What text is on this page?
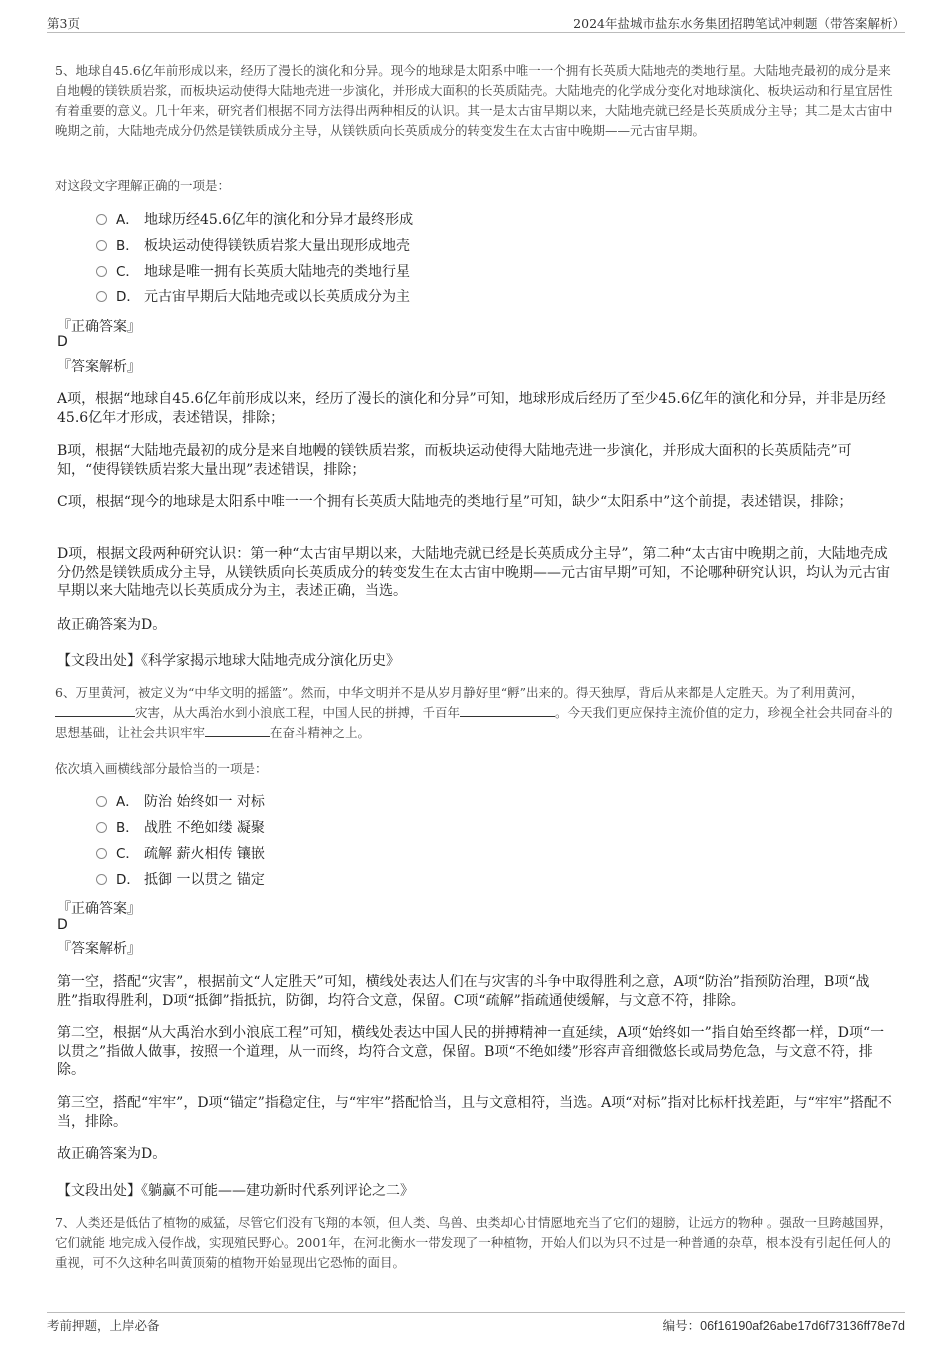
第3页	2024年盐城市盐东水务集团招聘笔试冲刺题（带答案解析）
5、地球自45.6亿年前形成以来，经历了漫长的演化和分异。现今的地球是太阳系中唯一一个拥有长英质大陆地壳的类地行星。大陆地壳最初的成分是来自地幔的镁铁质岩浆，而板块运动使得大陆地壳进一步演化，并形成大面积的长英质陆壳。大陆地壳的化学成分变化对地球演化、板块运动和行星宜居性有着重要的意义。几十年来，研究者们根据不同方法得出两种相反的认识。其一是太古宙早期以来，大陆地壳就已经是长英质成分主导；其二是太古宙中晚期之前，大陆地壳成分仍然是镁铁质成分主导，从镁铁质向长英质成分的转变发生在太古宙中晚期——元古宙早期。
对这段文字理解正确的一项是：
A． 地球历经45.6亿年的演化和分异才最终形成
B． 板块运动使得镁铁质岩浆大量出现形成地壳
C． 地球是唯一拥有长英质大陆地壳的类地行星
D． 元古宙早期后大陆地壳或以长英质成分为主
『正确答案』
D
『答案解析』
A项，根据“地球自45.6亿年前形成以来，经历了漫长的演化和分异”可知，地球形成后经历了至少45.6亿年的演化和分异，并非是历经45.6亿年才形成，表述错误，排除；
B项，根据“大陆地壳最初的成分是来自地幔的镁铁质岩浆，而板块运动使得大陆地壳进一步演化，并形成大面积的长英质陆壳”可知，“使得镁铁质岩浆大量出现”表述错误，排除；
C项，根据“现今的地球是太阳系中唯一一个拥有长英质大陆地壳的类地行星”可知，缺少“太阳系中”这个前提，表述错误，排除；
D项，根据文段两种研究认识：第一种“太古宙早期以来，大陆地壳就已经是长英质成分主导”，第二种“太古宙中晚期之前，大陆地壳成分仍然是镁铁质成分主导，从镁铁质向长英质成分的转变发生在太古宙中晚期——元古宙早期”可知，不论哪种研究认识，均认为元古宙早期以来大陆地壳以长英质成分为主，表述正确，当选。
故正确答案为D。
【文段出处】《科学家揭示地球大陆地壳成分演化历史》
6、万里黄河，被定义为“中华文明的摇篮”。然而，中华文明并不是从岁月静好里“孵”出来的。得天独厚，背后从来都是人定胜天。为了利用黄河，灾害，从大禹治水到小浪底工程，中国人民的拼搏，千百年	。今天我们更应保持主流价值的定力，珍视全社会共同奋斗的思想基础，让社会共识牢牢	在奋斗精神之上。
依次填入画横线部分最恰当的一项是：
A． 防治 始终如一 对标
B． 战胜 不绝如缕 凝聚
C． 疏解 薪火相传 镶嵌
D． 抵御 一以贯之 锚定
『正确答案』
D
『答案解析』
第一空，搭配“灾害”，根据前文“人定胜天”可知，横线处表达人们在与灾害的斗争中取得胜利之意，A项“防治”指预防治理，B项“战胜”指取得胜利，D项“抵御”指抵抗，防御，均符合文意，保留。C项“疏解”指疏通使缓解，与文意不符，排除。
第二空，根据“从大禹治水到小浪底工程”可知，横线处表达中国人民的拼搏精神一直延续，A项“始终如一”指自始至终都一样，D项“一以贯之”指做人做事，按照一个道理，从一而终，均符合文意，保留。B项“不绝如缕”形容声音细微悠长或局势危急，与文意不符，排除。
第三空，搭配“牢牢”，D项“锚定”指稳定住，与“牢牢”搭配恰当，且与文意相符，当选。A项“对标”指对比标杆找差距，与“牢牢”搭配不当，排除。
故正确答案为D。
【文段出处】《躺赢不可能——建功新时代系列评论之二》
7、人类还是低估了植物的威猛，尽管它们没有飞翔的本领，但人类、鸟兽、虫类却心甘情愿地充当了它们的翅膀，让远方的物种 。强敌一旦跨越国界，它们就能 地完成入侵作战，实现殖民野心。2001年，在河北衡水一带发现了一种植物，开始人们以为只不过是一种普通的杂草，根本没有引起任何人的重视，可不久这种名叫黄顶菊的植物开始显现出它恐怖的面目。
考前押题，上岸必备	编号：06f16190af26abe17d6f73136ff78e7d
